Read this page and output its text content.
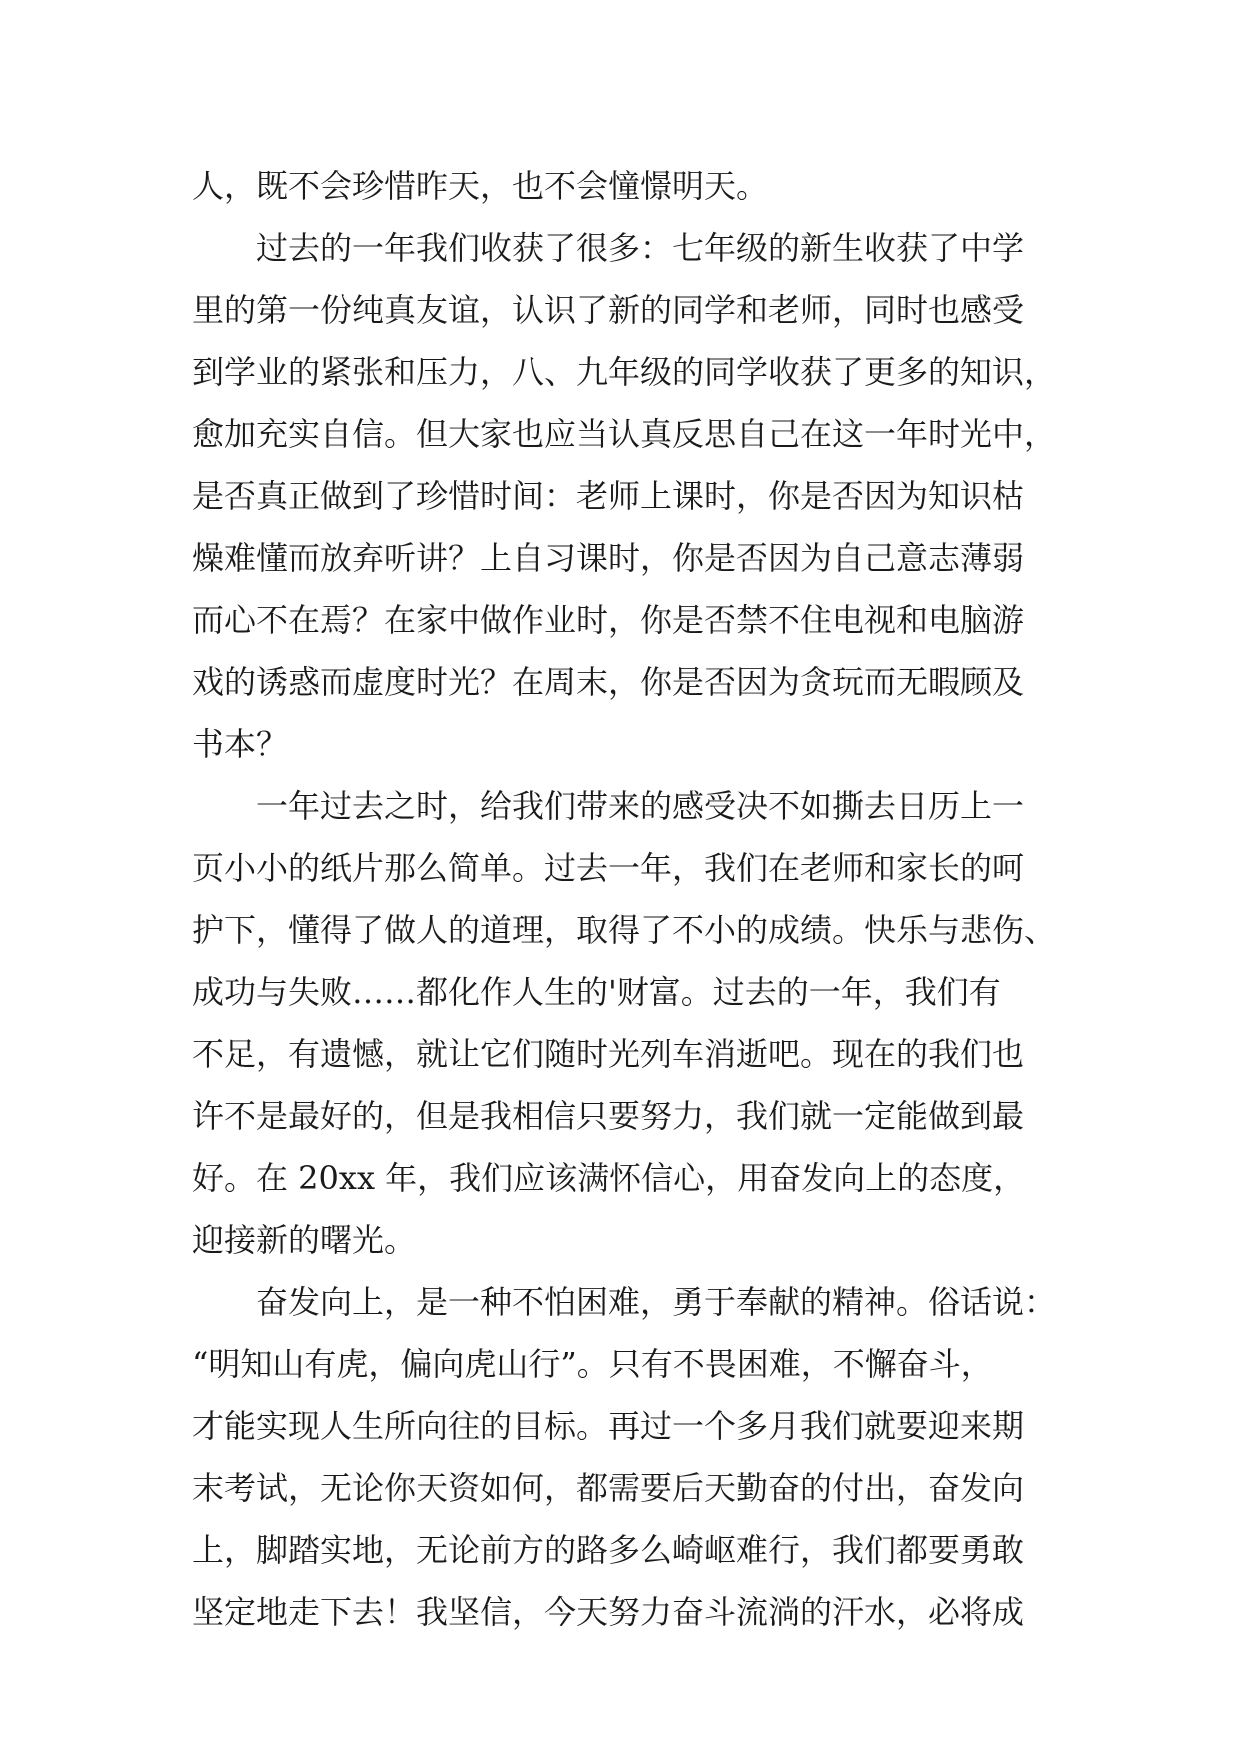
人，既不会珍惜昨天，也不会憧憬明天。
过去的一年我们收获了很多：七年级的新生收获了中学
里的第一份纯真友谊，认识了新的同学和老师，同时也感受
到学业的紧张和压力，八、九年级的同学收获了更多的知识，
愈加充实自信。但大家也应当认真反思自己在这一年时光中，
是否真正做到了珍惜时间：老师上课时，你是否因为知识枯
燥难懂而放弃听讲？上自习课时，你是否因为自己意志薄弱
而心不在焉？在家中做作业时，你是否禁不住电视和电脑游
戏的诱惑而虚度时光？在周末，你是否因为贪玩而无暇顾及
书本？
一年过去之时，给我们带来的感受决不如撕去日历上一
页小小的纸片那么简单。过去一年，我们在老师和家长的呵
护下，懂得了做人的道理，取得了不小的成绩。快乐与悲伤、
成功与失败……都化作人生的'财富。过去的一年，我们有
不足，有遗憾，就让它们随时光列车消逝吧。现在的我们也
许不是最好的，但是我相信只要努力，我们就一定能做到最
好。在 20xx 年，我们应该满怀信心，用奋发向上的态度，
迎接新的曙光。
奋发向上，是一种不怕困难，勇于奉献的精神。俗话说：
“明知山有虎，偏向虎山行”。只有不畏困难，不懈奋斗，
才能实现人生所向往的目标。再过一个多月我们就要迎来期
末考试，无论你天资如何，都需要后天勤奋的付出，奋发向
上，脚踏实地，无论前方的路多么崎岖难行，我们都要勇敢
坚定地走下去！我坚信，今天努力奋斗流淌的汗水，必将成
